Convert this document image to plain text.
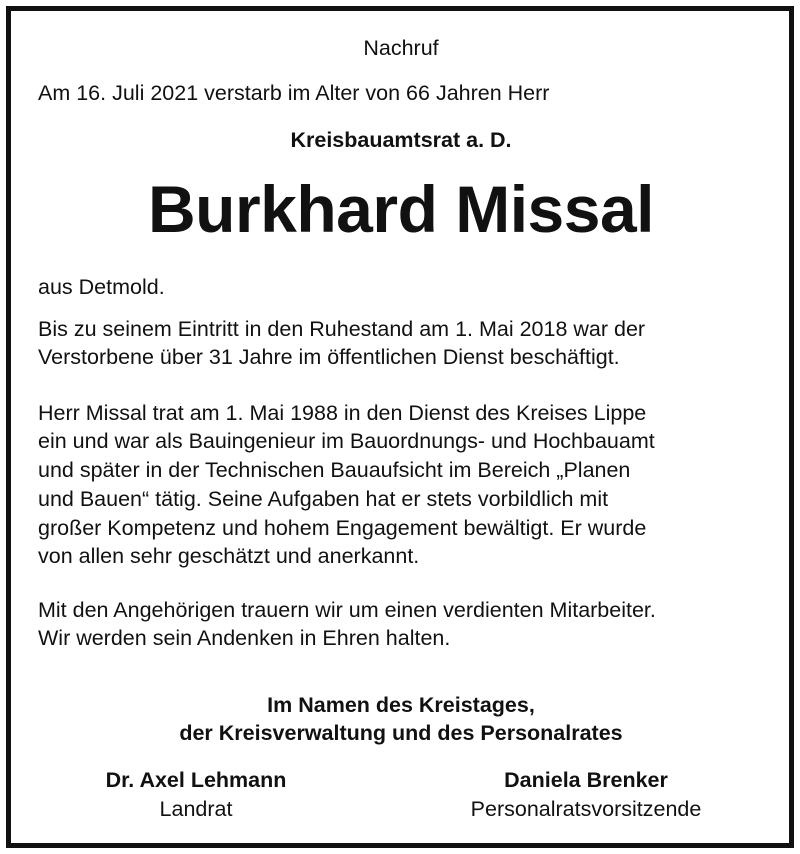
Nachruf
Am 16. Juli 2021 verstarb im Alter von 66 Jahren Herr
Kreisbauamtsrat a. D.
Burkhard Missal
aus Detmold.
Bis zu seinem Eintritt in den Ruhestand am 1. Mai 2018 war der
Verstorbene über 31 Jahre im öffentlichen Dienst beschäftigt.
Herr Missal trat am 1. Mai 1988 in den Dienst des Kreises Lippe
ein und war als Bauingenieur im Bauordnungs- und Hochbauamt
und später in der Technischen Bauaufsicht im Bereich „Planen
und Bauen“ tätig. Seine Aufgaben hat er stets vorbildlich mit
großer Kompetenz und hohem Engagement bewältigt. Er wurde
von allen sehr geschätzt und anerkannt.
Mit den Angehörigen trauern wir um einen verdienten Mitarbeiter.
Wir werden sein Andenken in Ehren halten.
Im Namen des Kreistages,
der Kreisverwaltung und des Personalrates
Dr. Axel Lehmann
Landrat
Daniela Brenker
Personalratsvorsitzende
